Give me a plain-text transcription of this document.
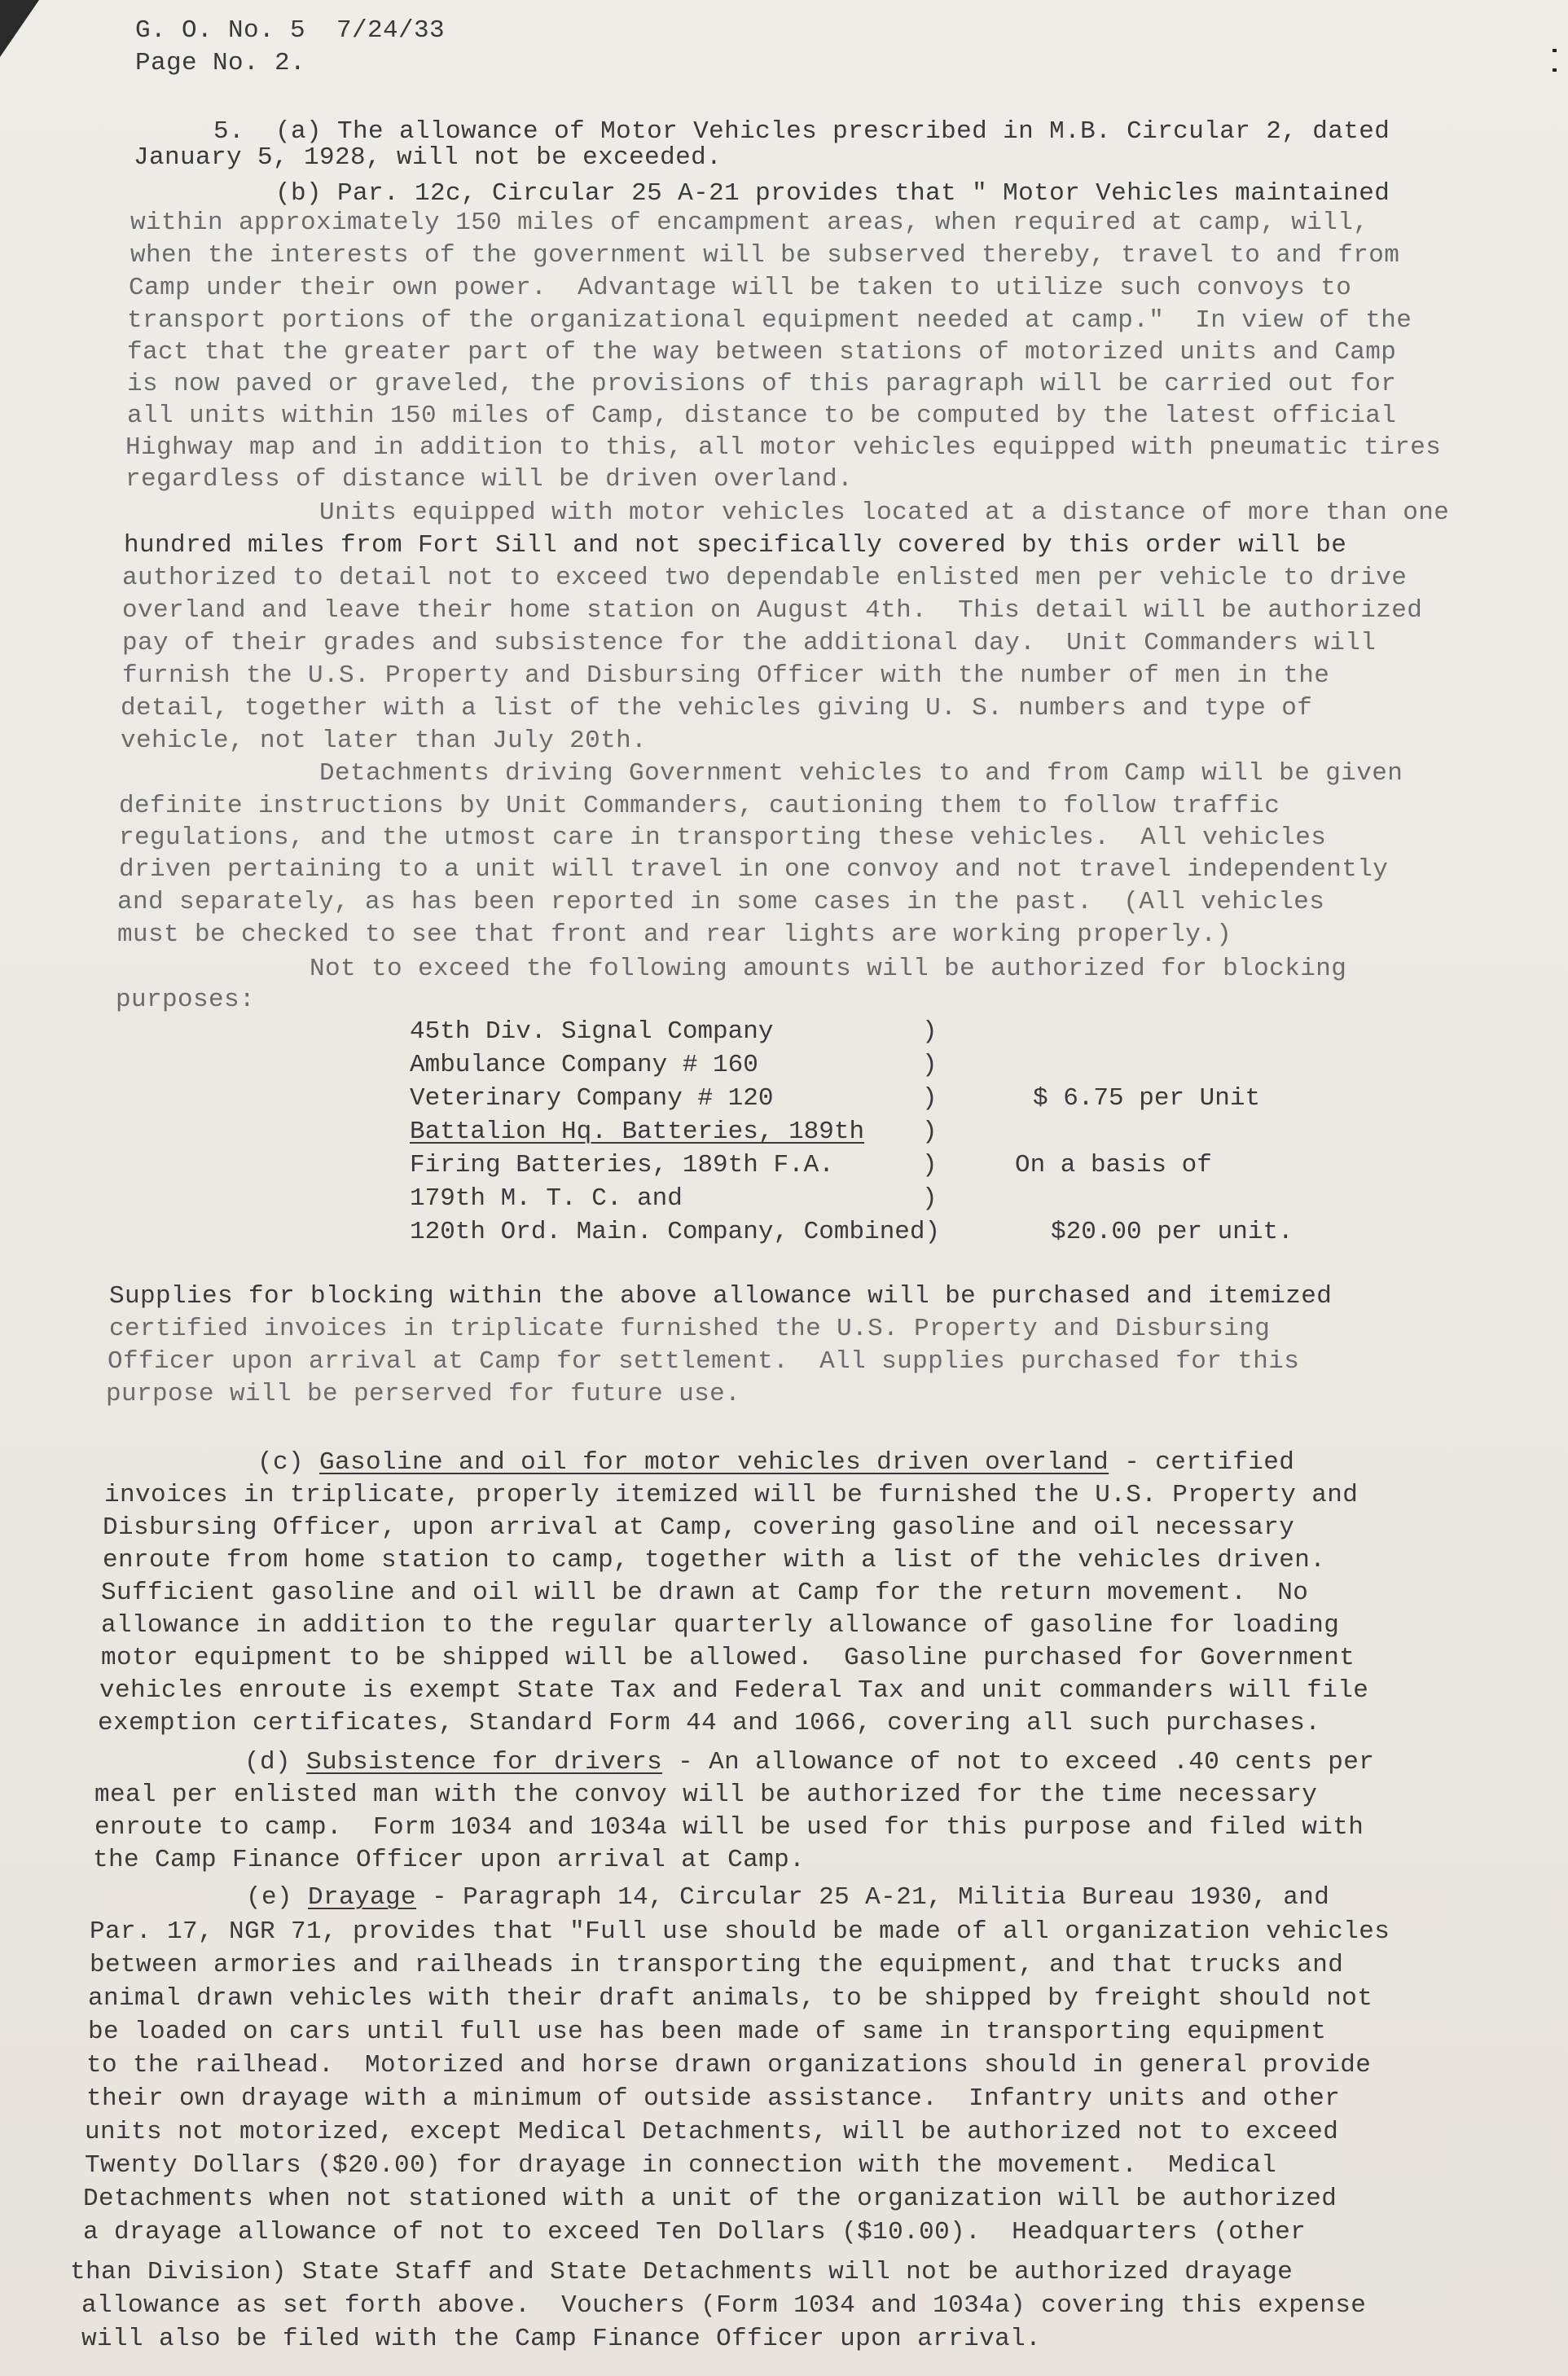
G. O. No. 5  7/24/33
Page No. 2.
5.  (a) The allowance of Motor Vehicles prescribed in M.B. Circular 2, dated
January 5, 1928, will not be exceeded.
(b) Par. 12c, Circular 25 A-21 provides that " Motor Vehicles maintained
within approximately 150 miles of encampment areas, when required at camp, will,
when the interests of the government will be subserved thereby, travel to and from
Camp under their own power.  Advantage will be taken to utilize such convoys to
transport portions of the organizational equipment needed at camp."  In view of the
fact that the greater part of the way between stations of motorized units and Camp
is now paved or graveled, the provisions of this paragraph will be carried out for
all units within 150 miles of Camp, distance to be computed by the latest official
Highway map and in addition to this, all motor vehicles equipped with pneumatic tires
regardless of distance will be driven overland.
Units equipped with motor vehicles located at a distance of more than one
hundred miles from Fort Sill and not specifically covered by this order will be
authorized to detail not to exceed two dependable enlisted men per vehicle to drive
overland and leave their home station on August 4th.  This detail will be authorized
pay of their grades and subsistence for the additional day.  Unit Commanders will
furnish the U.S. Property and Disbursing Officer with the number of men in the
detail, together with a list of the vehicles giving U. S. numbers and type of
vehicle, not later than July 20th.
Detachments driving Government vehicles to and from Camp will be given
definite instructions by Unit Commanders, cautioning them to follow traffic
regulations, and the utmost care in transporting these vehicles.  All vehicles
driven pertaining to a unit will travel in one convoy and not travel independently
and separately, as has been reported in some cases in the past.  (All vehicles
must be checked to see that front and rear lights are working properly.)
Not to exceed the following amounts will be authorized for blocking
purposes:
45th Div. Signal Company
Ambulance Company # 160
Veterinary Company # 120
Battalion Hq. Batteries, 189th
Firing Batteries, 189th F.A.
179th M. T. C. and
120th Ord. Main. Company, Combined)
)
)
)
)
)
)
$ 6.75 per Unit
On a basis of
$20.00 per unit.
Supplies for blocking within the above allowance will be purchased and itemized
certified invoices in triplicate furnished the U.S. Property and Disbursing
Officer upon arrival at Camp for settlement.  All supplies purchased for this
purpose will be perserved for future use.
(c) Gasoline and oil for motor vehicles driven overland - certified
invoices in triplicate, properly itemized will be furnished the U.S. Property and
Disbursing Officer, upon arrival at Camp, covering gasoline and oil necessary
enroute from home station to camp, together with a list of the vehicles driven.
Sufficient gasoline and oil will be drawn at Camp for the return movement.  No
allowance in addition to the regular quarterly allowance of gasoline for loading
motor equipment to be shipped will be allowed.  Gasoline purchased for Government
vehicles enroute is exempt State Tax and Federal Tax and unit commanders will file
exemption certificates, Standard Form 44 and 1066, covering all such purchases.
(d) Subsistence for drivers - An allowance of not to exceed .40 cents per
meal per enlisted man with the convoy will be authorized for the time necessary
enroute to camp.  Form 1034 and 1034a will be used for this purpose and filed with
the Camp Finance Officer upon arrival at Camp.
(e) Drayage - Paragraph 14, Circular 25 A-21, Militia Bureau 1930, and
Par. 17, NGR 71, provides that "Full use should be made of all organization vehicles
between armories and railheads in transporting the equipment, and that trucks and
animal drawn vehicles with their draft animals, to be shipped by freight should not
be loaded on cars until full use has been made of same in transporting equipment
to the railhead.  Motorized and horse drawn organizations should in general provide
their own drayage with a minimum of outside assistance.  Infantry units and other
units not motorized, except Medical Detachments, will be authorized not to exceed
Twenty Dollars ($20.00) for drayage in connection with the movement.  Medical
Detachments when not stationed with a unit of the organization will be authorized
a drayage allowance of not to exceed Ten Dollars ($10.00).  Headquarters (other
than Division) State Staff and State Detachments will not be authorized drayage
allowance as set forth above.  Vouchers (Form 1034 and 1034a) covering this expense
will also be filed with the Camp Finance Officer upon arrival.
